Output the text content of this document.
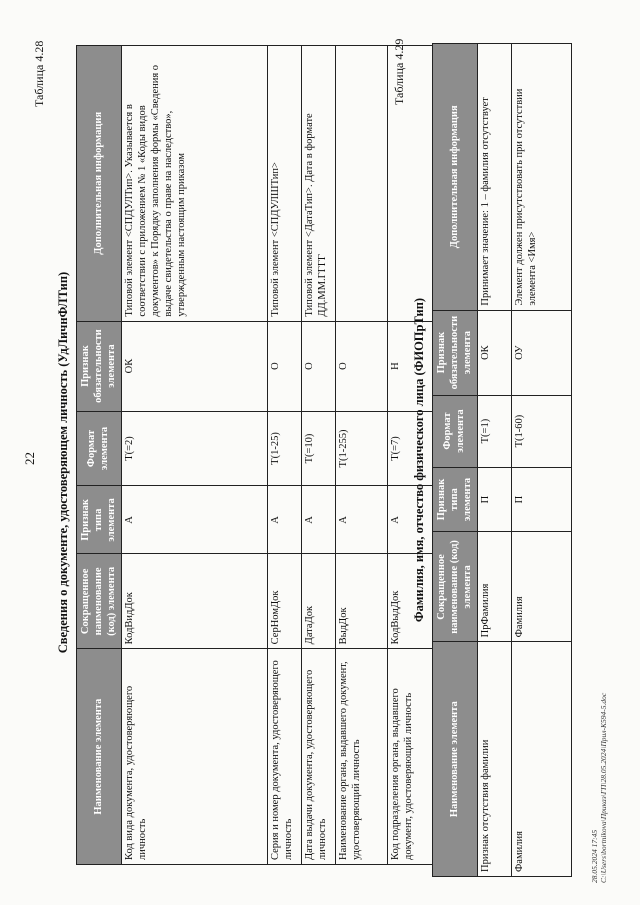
22
Таблица 4.28
Сведения о документе, удостоверяющем личность (УдЛичнФЛТип)
Наименование элемента	Сокращенное наименование (код) элемента	Признак типа элемента	Формат элемента	Признак обязательности элемента	Дополнительная информация
Код вида документа, удостоверяющего личность	КодВидДок	А	Т(=2)	ОК	Типовой элемент <СПДУЛТип>. Указывается в соответствии с приложением № 1 «Коды видов документов» к Порядку заполнения формы «Сведения о выдаче свидетельства о праве на наследство», утвержденным настоящим приказом
Серия и номер документа, удостоверяющего личность	СерНомДок	А	Т(1-25)	О	Типовой элемент <СПДУЛШТип>
Дата выдачи документа, удостоверяющего личность	ДатаДок	А	Т(=10)	О	Типовой элемент <ДатаТип>. Дата в формате ДД.ММ.ГГГГ
Наименование органа, выдавшего документ, удостоверяющий личность	ВыдДок	А	Т(1-255)	О	
Код подразделения органа, выдавшего документ, удостоверяющий личность	КодВыдДок	А	Т(=7)	Н	
Таблица 4.29
Фамилия, имя, отчество физического лица (ФИОПрТип)
Наименование элемента	Сокращенное наименование (код) элемента	Признак типа элемента	Формат элемента	Признак обязательности элемента	Дополнительная информация
Признак отсутствия фамилии	ПрФамилия	П	Т(=1)	ОК	Принимает значение: 1 – фамилия отсутствует
Фамилия	Фамилия	П	Т(1-60)	ОУ	Элемент должен присутствовать при отсутствии элемента <Имя>
28.05.2024 17:45 C:\Users\bortnikova\Приказ\ГП\28.05.2024\Прил-К594-5.doc
